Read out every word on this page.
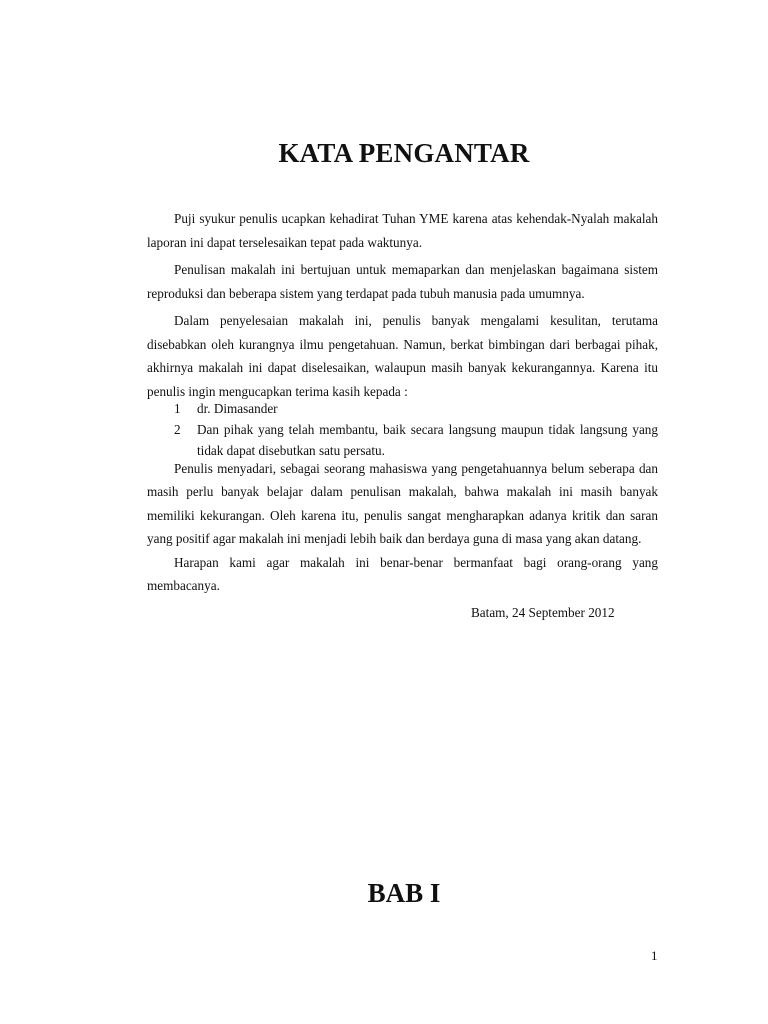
KATA PENGANTAR

Puji syukur penulis ucapkan kehadirat Tuhan YME karena atas kehendak-Nyalah makalah laporan ini dapat terselesaikan tepat pada waktunya.

Penulisan makalah ini bertujuan untuk memaparkan dan menjelaskan bagaimana sistem reproduksi dan beberapa sistem yang terdapat pada tubuh manusia pada umumnya.

Dalam penyelesaian makalah ini, penulis banyak mengalami kesulitan, terutama disebabkan oleh kurangnya ilmu pengetahuan. Namun, berkat bimbingan dari berbagai pihak, akhirnya makalah ini dapat diselesaikan, walaupun masih banyak kekurangannya. Karena itu penulis ingin mengucapkan terima kasih kepada :

1 dr. Dimasander
2 Dan pihak yang telah membantu, baik secara langsung maupun tidak langsung yang tidak dapat disebutkan satu persatu.

Penulis menyadari, sebagai seorang mahasiswa yang pengetahuannya belum seberapa dan masih perlu banyak belajar dalam penulisan makalah, bahwa makalah ini masih banyak memiliki kekurangan. Oleh karena itu, penulis sangat mengharapkan adanya kritik dan saran yang positif agar makalah ini menjadi lebih baik dan berdaya guna di masa yang akan datang.

Harapan kami agar makalah ini benar-benar bermanfaat bagi orang-orang yang membacanya.

Batam, 24 September 2012
BAB I
1
